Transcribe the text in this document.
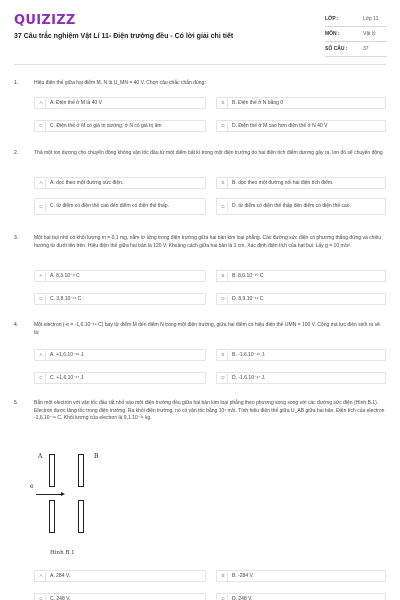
QUIZIZZ
37 Câu trắc nghiệm Vật Lí 11- Điện trường đều - Có lời giải chi tiết
LỚP :	Lớp 11
MÔN :	Vật lý
SỐ CÂU :	37
1.	Hiệu điện thế giữa hai điểm M, N là U_MN = 40 V. Chọn câu chắc chắn đúng:
A	A. Điện thế ở M là 40 V	B	B. Điện thế ở N bằng 0
C	C. Điện thế ở M có giá trị dương, ở N có giá trị âm	D	D. Điện thế ở M cao hơn điện thế ở N 40 V
2.	Thả một ion dương cho chuyển động không vận tốc đầu từ một điểm bất kì trong một điện trường do hai điện tích điểm dương gây ra. Ion đó sẽ chuyển động
A	A. dọc theo một đường sức điện.	B	B. dọc theo một đường nối hai điện tích điểm.
C	C. từ điểm có điện thế cao đến điểm có điện thế thấp.	D	D. từ điểm có điện thế thấp đến điểm có điện thế cao.
3.	Một hạt bụi nhỏ có khối lượng m = 0,1 mg, nằm lơ lửng trong điện trường giữa hai bản kim loại phẳng. Các đường sức điện có phương thẳng đứng và chiều hướng từ dưới lên trên. Hiệu điện thế giữa hai bản là 120 V. Khoảng cách giữa hai bản là 1 cm. Xác định điện tích của hạt bụi. Lấy g = 10 m/s².
A	A. 8,3.10⁻⁸ C	B	B. 8,0.10⁻¹⁰ C
C	C. 3,8.10⁻¹¹ C	D	D. 8,9.10⁻¹¹ C
4.	Một electron (-e = -1,6.10⁻¹⁹ C) bay từ điểm M đến điểm N trong một điện trường, giữa hai điểm có hiệu điện thế UMN = 100 V. Công mà lực điện sinh ra sẽ là:
A	A. +1,6.10⁻¹⁹ J.	B	B. -1,6.10⁻¹⁹ J.
C	C. +1,6.10⁻¹⁷ J.	D	D. -1,6.10⁻¹⁷ J.
5.	Bắn một electron với vận tốc đầu rất nhỏ vào một điện trường đều giữa hai bản kim loại phẳng theo phương song song với các đường sức điện (Hình B.1). Electron được tăng tốc trong điện trường. Ra khỏi điện trường, nó có vận tốc bằng 10⁷ m/s. Tính hiệu điện thế giữa U_AB giữa hai bản. Điện tích của electron -1,6.10⁻¹⁹ C. Khối lượng của electron là 9,1.10⁻³¹ kg.
A	B
e
Hình B.1
A	A. 284 V.	B	B. -284 V.
C	C. 248 V.	D	D. 248 V.
